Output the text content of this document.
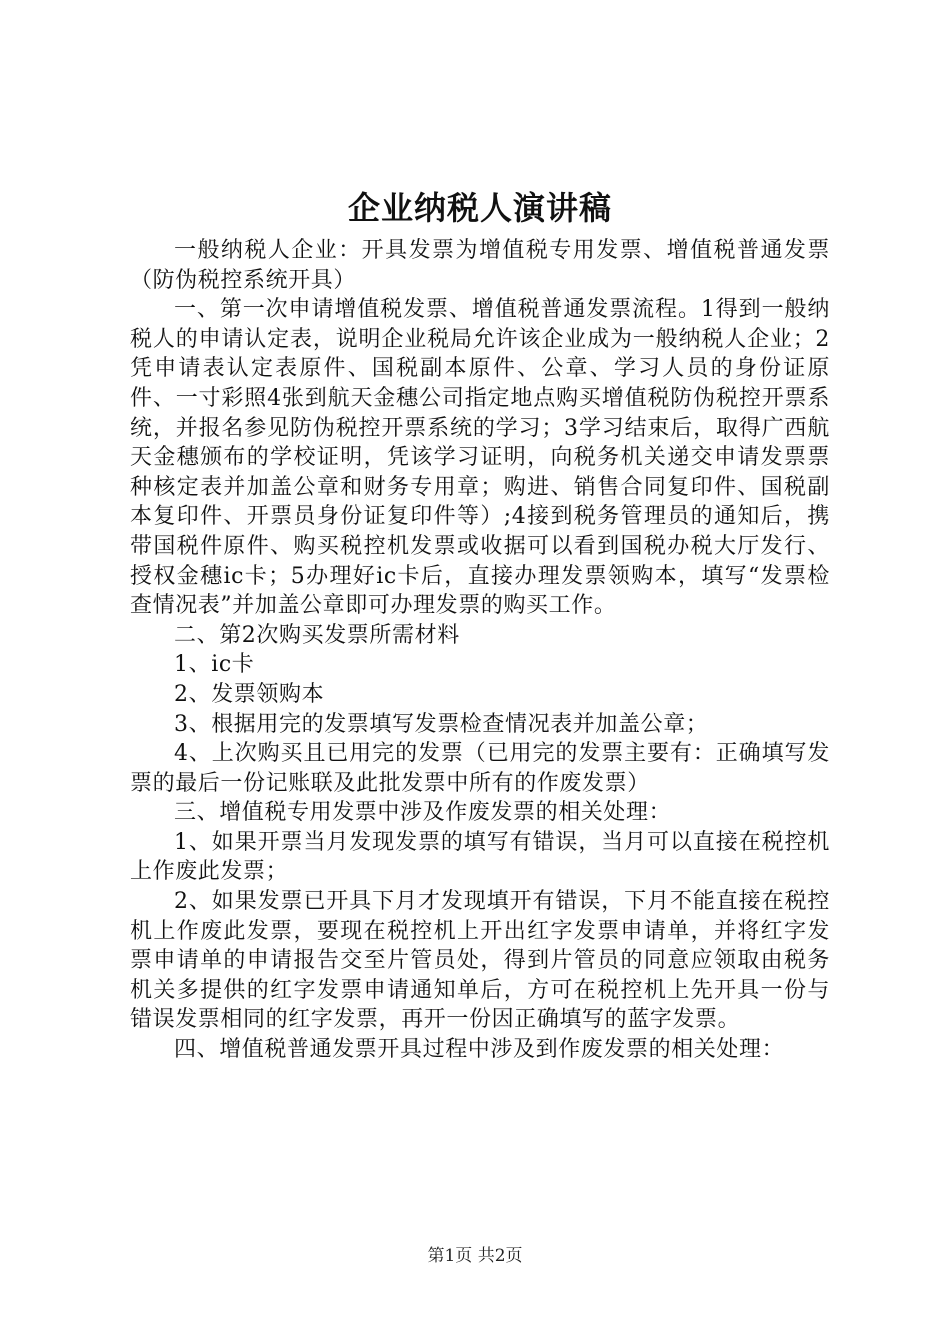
企业纳税人演讲稿

一般纳税人企业：开具发票为增值税专用发票、增值税普通发票（防伪税控系统开具）

一、第一次申请增值税发票、增值税普通发票流程。1得到一般纳税人的申请认定表，说明企业税局允许该企业成为一般纳税人企业；2凭申请表认定表原件、国税副本原件、公章、学习人员的身份证原件、一寸彩照4张到航天金穗公司指定地点购买增值税防伪税控开票系统，并报名参见防伪税控开票系统的学习；3学习结束后，取得广西航天金穗颁布的学校证明，凭该学习证明，向税务机关递交申请发票票种核定表并加盖公章和财务专用章；购进、销售合同复印件、国税副本复印件、开票员身份证复印件等）;4接到税务管理员的通知后，携带国税件原件、购买税控机发票或收据可以看到国税办税大厅发行、授权金穗ic卡；5办理好ic卡后，直接办理发票领购本，填写“发票检查情况表”并加盖公章即可办理发票的购买工作。

二、第2次购买发票所需材料

1、ic卡

2、发票领购本

3、根据用完的发票填写发票检查情况表并加盖公章；

4、上次购买且已用完的发票（已用完的发票主要有：正确填写发票的最后一份记账联及此批发票中所有的作废发票）

三、增值税专用发票中涉及作废发票的相关处理：

1、如果开票当月发现发票的填写有错误，当月可以直接在税控机上作废此发票；

2、如果发票已开具下月才发现填开有错误，下月不能直接在税控机上作废此发票，要现在税控机上开出红字发票申请单，并将红字发票申请单的申请报告交至片管员处，得到片管员的同意应领取由税务机关多提供的红字发票申请通知单后，方可在税控机上先开具一份与错误发票相同的红字发票，再开一份因正确填写的蓝字发票。

四、增值税普通发票开具过程中涉及到作废发票的相关处理：

第1页 共2页
